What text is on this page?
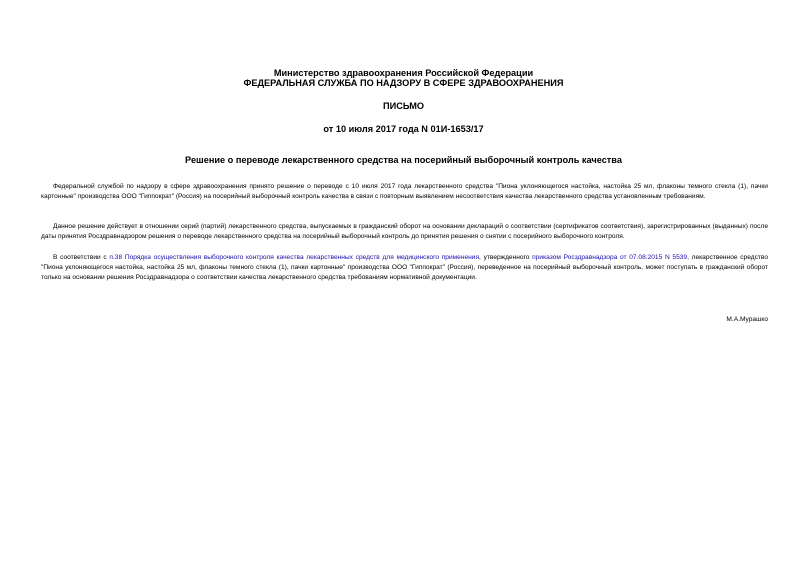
Министерство здравоохранения Российской Федерации
ФЕДЕРАЛЬНАЯ СЛУЖБА ПО НАДЗОРУ В СФЕРЕ ЗДРАВООХРАНЕНИЯ
ПИСЬМО
от 10 июля 2017 года N 01И-1653/17
Решение о переводе лекарственного средства на посерийный выборочный контроль качества

Федеральной службой по надзору в сфере здравоохранения принято решение о переводе с 10 июля 2017 года лекарственного средства "Пиона уклоняющегося настойка, настойка 25 мл, флаконы темного стекла (1), пачки картонные" производства ООО "Гиппократ" (Россия) на посерийный выборочный контроль качества в связи с повторным выявлением несоответствия качества лекарственного средства установленным требованиям.

Данное решение действует в отношении серий (партий) лекарственного средства, выпускаемых в гражданский оборот на основании деклараций о соответствии (сертификатов соответствия), зарегистрированных (выданных) после даты принятия Росздравнадзором решения о переводе лекарственного средства на посерийный выборочный контроль до принятия решения о снятии с посерийного выборочного контроля.

В соответствии с п.38 Порядка осуществления выборочного контроля качества лекарственных средств для медицинского применения, утвержденного приказом Росздравнадзора от 07.08.2015 N 5539, лекарственное средство "Пиона уклоняющегося настойка, настойка 25 мл, флаконы темного стекла (1), пачки картонные" производства ООО "Гиппократ" (Россия), переведенное на посерийный выборочный контроль, может поступать в гражданский оборот только на основании решения Росздравнадзора о соответствии качества лекарственного средства требованиям нормативной документации.

М.А.Мурашко
